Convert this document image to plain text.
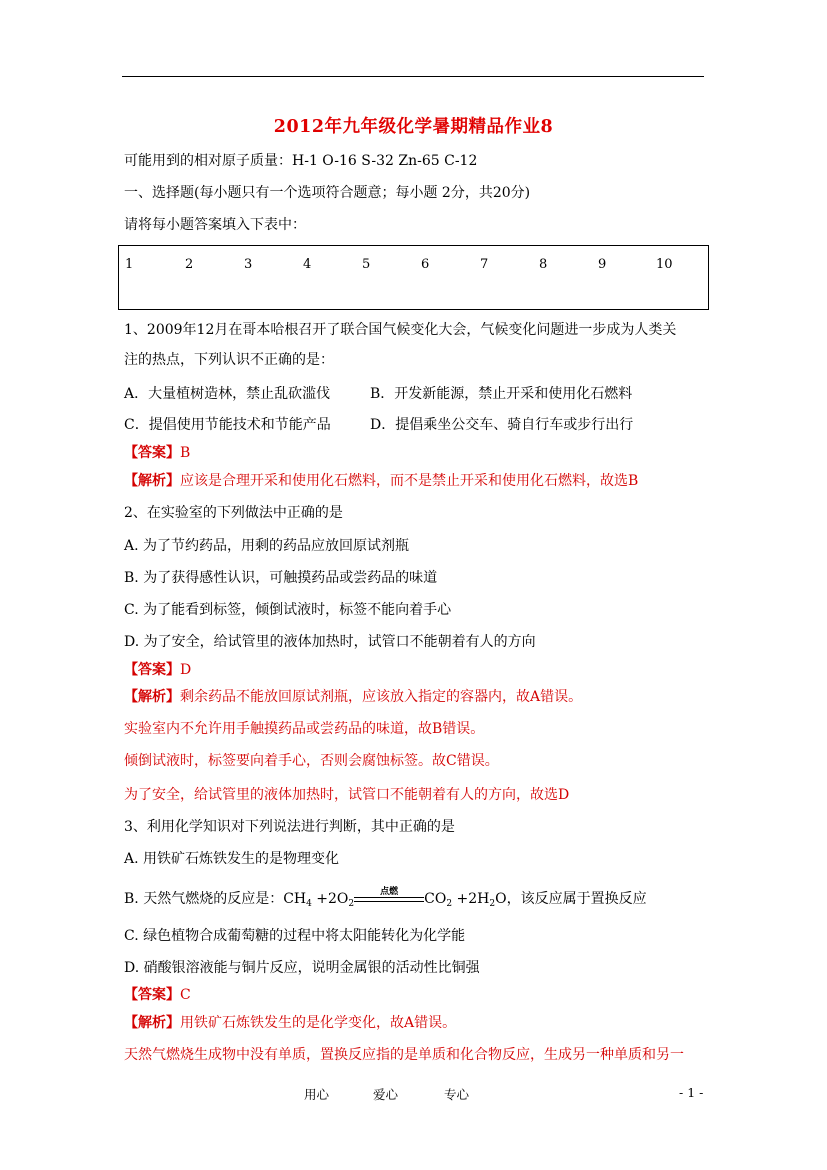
2012年九年级化学暑期精品作业8
可能用到的相对原子质量：H-1 O-16 S-32 Zn-65 C-12
一、选择题(每小题只有一个选项符合题意；每小题 2分，共20分)
请将每小题答案填入下表中：
1	2	3	4	5	6	7	8	9	10
1、2009年12月在哥本哈根召开了联合国气候变化大会，气候变化问题进一步成为人类关
注的热点，下列认识不正确的是：
A．大量植树造林，禁止乱砍滥伐	B．开发新能源，禁止开采和使用化石燃料
C．提倡使用节能技术和节能产品	D．提倡乘坐公交车、骑自行车或步行出行
【答案】B
【解析】应该是合理开采和使用化石燃料，而不是禁止开采和使用化石燃料，故选B
2、在实验室的下列做法中正确的是
A. 为了节约药品，用剩的药品应放回原试剂瓶
B. 为了获得感性认识，可触摸药品或尝药品的味道
C. 为了能看到标签，倾倒试液时，标签不能向着手心
D. 为了安全，给试管里的液体加热时，试管口不能朝着有人的方向
【答案】D
【解析】剩余药品不能放回原试剂瓶，应该放入指定的容器内，故A错误。
实验室内不允许用手触摸药品或尝药品的味道，故B错误。
倾倒试液时，标签要向着手心，否则会腐蚀标签。故C错误。
为了安全，给试管里的液体加热时，试管口不能朝着有人的方向，故选D
3、利用化学知识对下列说法进行判断，其中正确的是
A. 用铁矿石炼铁发生的是物理变化
B. 天然气燃烧的反应是：$CH_4 +2O_2$
点燃	$CO_2 +2H_2O$，该反应属于置换反应
C. 绿色植物合成葡萄糖的过程中将太阳能转化为化学能
D. 硝酸银溶液能与铜片反应，说明金属银的活动性比铜强
【答案】C
【解析】用铁矿石炼铁发生的是化学变化，故A错误。
天然气燃烧生成物中没有单质，置换反应指的是单质和化合物反应，生成另一种单质和另一
用心	爱心	专心	- 1 -
